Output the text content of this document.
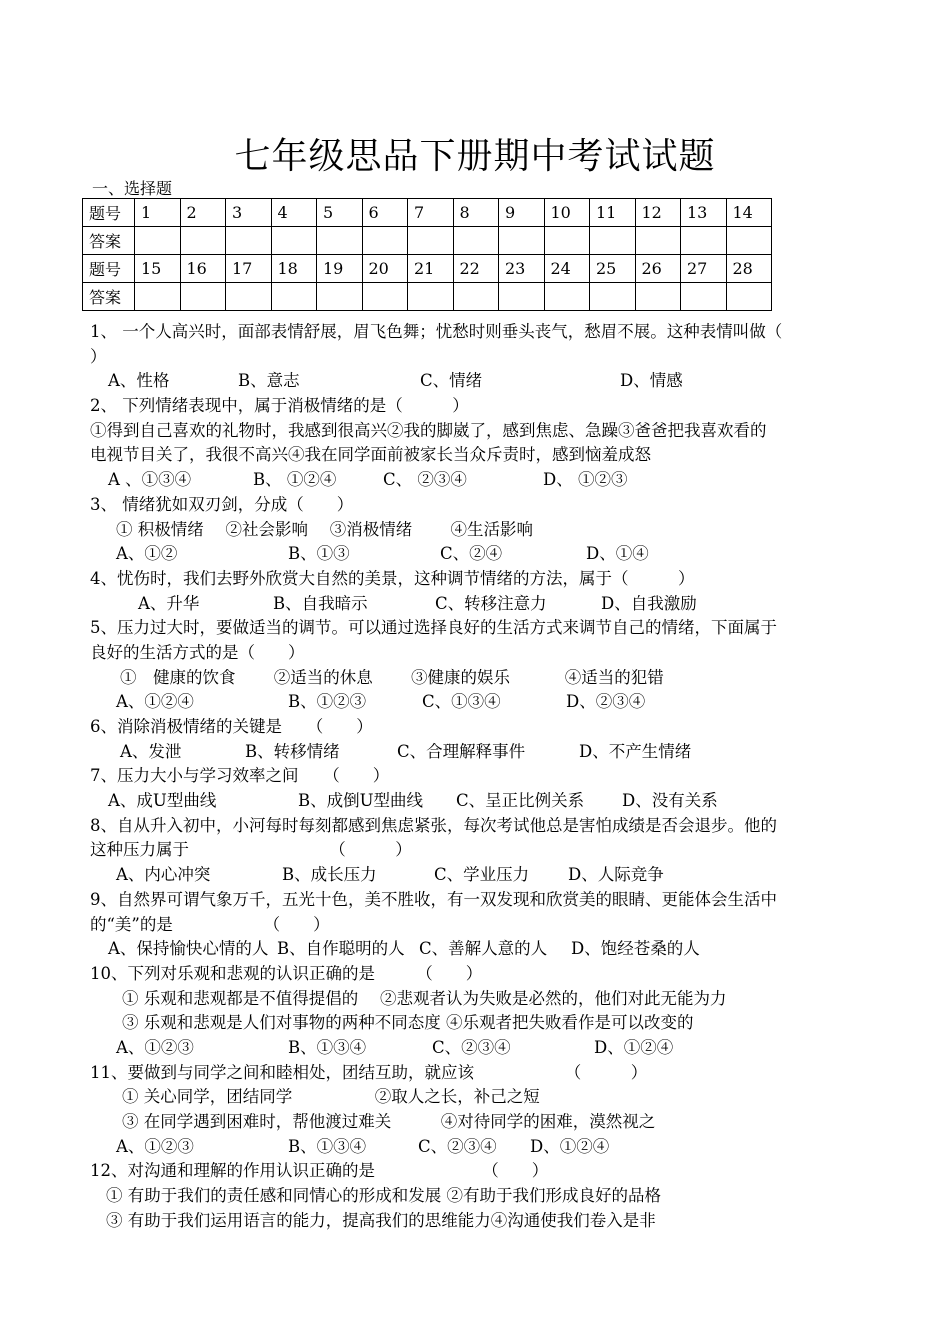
七年级思品下册期中考试试题
一、选择题
题号	1	2	3	4	5	6	7	8	9	10	11	12	13	14
答案														
题号	15	16	17	18	19	20	21	22	23	24	25	26	27	28
答案														
1、 一个人高兴时，面部表情舒展，眉飞色舞；忧愁时则垂头丧气，愁眉不展。这种表情叫做（
）
A、性格	B、意志	C、情绪	D、情感
2、 下列情绪表现中，属于消极情绪的是（　　　）
①得到自己喜欢的礼物时，我感到很高兴②我的脚崴了，感到焦虑、急躁③爸爸把我喜欢看的
电视节目关了，我很不高兴④我在同学面前被家长当众斥责时，感到恼羞成怒
A 、①③④	B、 ①②④	C、 ②③④	D、 ①②③
3、 情绪犹如双刃剑，分成（　　）
① 积极情绪　 ②社会影响　 ③消极情绪　　 ④生活影响
A、①②	B、①③	C、②④	D、①④
4、忧伤时，我们去野外欣赏大自然的美景，这种调节情绪的方法，属于（　　　）
A、升华	B、自我暗示	C、转移注意力	D、自我激励
5、压力过大时，要做适当的调节。可以通过选择良好的生活方式来调节自己的情绪，下面属于
良好的生活方式的是（　　）
①　健康的饮食　　 ②适当的休息　　 ③健康的娱乐　　　 ④适当的犯错
A、①②④	B、①②③	C、①③④	D、②③④
6、消除消极情绪的关键是　　（　　）
A、发泄	B、转移情绪	C、合理解释事件	D、不产生情绪
7、压力大小与学习效率之间　　（　　）
A、成U型曲线	B、成倒U型曲线 C、呈正比例关系 D、没有关系
8、自从升入初中，小河每时每刻都感到焦虑紧张，每次考试他总是害怕成绩是否会退步。他的
这种压力属于　　　　　　　　　（　　　）
A、内心冲突	B、成长压力	C、学业压力 D、人际竞争
9、自然界可谓气象万千，五光十色，美不胜收，有一双发现和欣赏美的眼睛、更能体会生活中
的“美”的是　　　　　　（　　）
A、保持愉快心情的人 B、自作聪明的人 C、善解人意的人 D、饱经苍桑的人
10、下列对乐观和悲观的认识正确的是　　　（　　）
① 乐观和悲观都是不值得提倡的　 ②悲观者认为失败是必然的，他们对此无能为力
③ 乐观和悲观是人们对事物的两种不同态度 ④乐观者把失败看作是可以改变的
A、①②③	B、①③④	C、②③④	D、①②④
11、要做到与同学之间和睦相处，团结互助，就应该　　　　　　（　　　）
① 关心同学，团结同学　　　　　②取人之长，补己之短
③ 在同学遇到困难时，帮他渡过难关　　　④对待同学的困难，漠然视之
A、①②③	B、①③④	C、②③④ D、①②④
12、对沟通和理解的作用认识正确的是　　　　　　　（　　）
① 有助于我们的责任感和同情心的形成和发展 ②有助于我们形成良好的品格
③ 有助于我们运用语言的能力，提高我们的思维能力④沟通使我们卷入是非
